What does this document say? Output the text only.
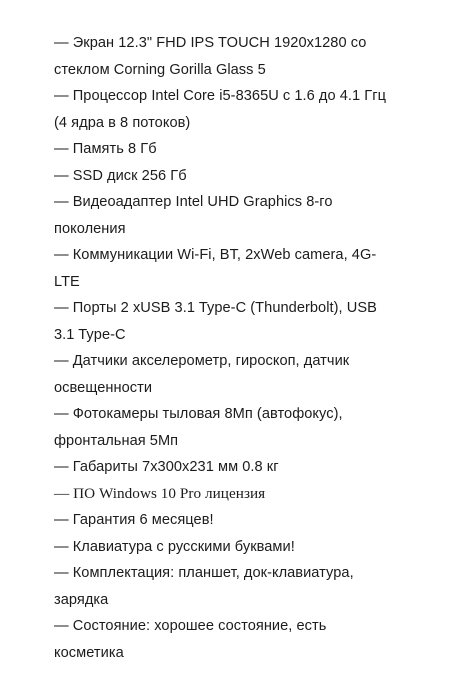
— Экран 12.3" FHD IPS TOUCH 1920x1280 со
стеклом Corning Gorilla Glass 5
— Процессор Intel Core i5-8365U с 1.6 до 4.1 Ггц
(4 ядра в 8 потоков)
— Память 8 Гб
— SSD диск 256 Гб
— Видеоадаптер Intel UHD Graphics 8-го
поколения
— Коммуникации Wi-Fi, BT, 2xWeb camera, 4G-
LTE
— Порты 2 xUSB 3.1 Type-C (Thunderbolt), USB
3.1 Type-C
— Датчики акселерометр, гироскоп, датчик
освещенности
— Фотокамеры тыловая 8Мп (автофокус),
фронтальная 5Мп
— Габариты 7x300x231 мм 0.8 кг
— ПО Windows 10 Pro лицензия
— Гарантия 6 месяцев!
— Клавиатура с русскими буквами!
— Комплектация: планшет, док-клавиатура,
зарядка
— Состояние: хорошее состояние, есть
косметика
